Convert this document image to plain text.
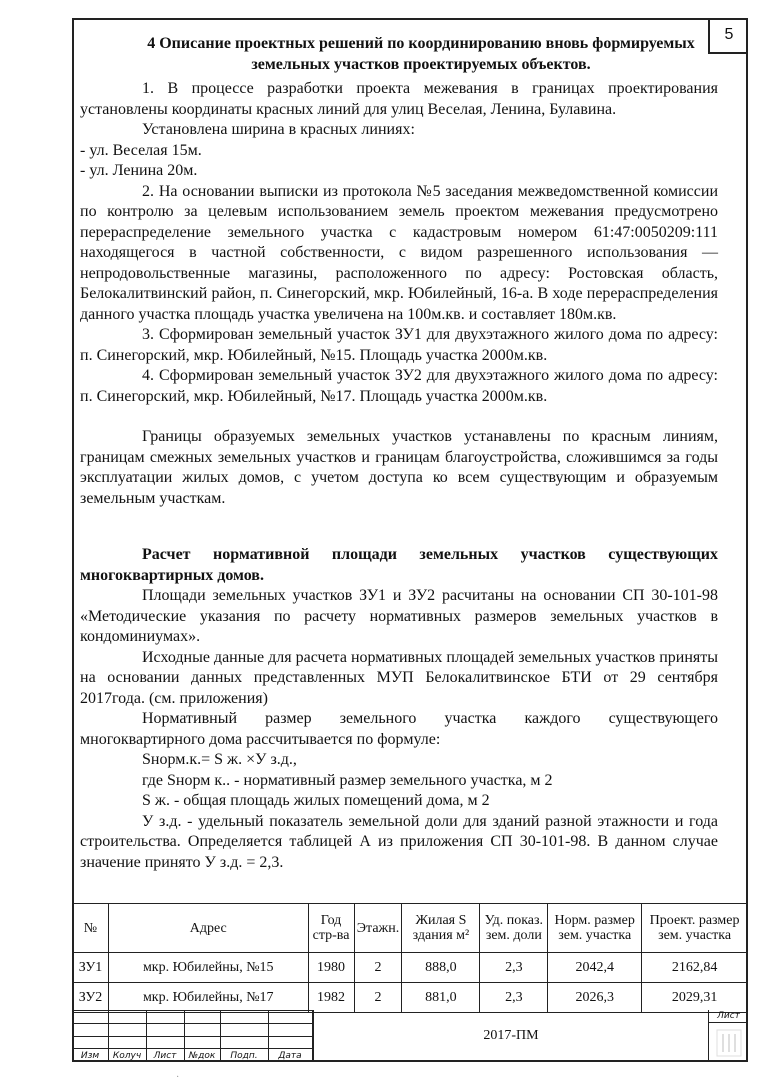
5
4 Описание проектных решений по координированию вновь формируемых земельных участков проектируемых объектов.

1. В процессе разработки проекта межевания в границах проектирования установлены координаты красных линий для улиц Веселая, Ленина, Булавина.

Установлена ширина в красных линиях:

- ул. Веселая 15м.

- ул. Ленина 20м.

2. На основании выписки из протокола №5 заседания межведомственной комиссии по контролю за целевым использованием земель проектом межевания предусмотрено перераспределение земельного участка с кадастровым номером 61:47:0050209:111 находящегося в частной собственности, с видом разрешенного использования — непродовольственные магазины, расположенного по адресу: Ростовская область, Белокалитвинский район, п. Синегорский, мкр. Юбилейный, 16-а. В ходе перераспределения данного участка площадь участка увеличена на 100м.кв. и составляет 180м.кв.

3. Сформирован земельный участок ЗУ1 для двухэтажного жилого дома по адресу: п. Синегорский, мкр. Юбилейный, №15. Площадь участка 2000м.кв.

4. Сформирован земельный участок ЗУ2 для двухэтажного жилого дома по адресу: п. Синегорский, мкр. Юбилейный, №17. Площадь участка 2000м.кв.

Границы образуемых земельных участков устанавлены по красным линиям, границам смежных земельных участков и границам благоустройства, сложившимся за годы эксплуатации жилых домов, с учетом доступа ко всем существующим и образуемым земельным участкам.

Расчет нормативной площади земельных участков существующих многоквартирных домов.

Площади земельных участков ЗУ1 и ЗУ2 расчитаны на основании СП 30-101-98 «Методические указания по расчету нормативных размеров земельных участков в кондоминиумах».

Исходные данные для расчета нормативных площадей земельных участков приняты на основании данных представленных МУП Белокалитвинское БТИ от 29 сентября 2017года. (см. приложения)

Нормативный размер земельного участка каждого существующего многоквартирного дома рассчитывается по формуле:

Sнорм.к.= S ж. ×У з.д.,

где Sнорм к.. - нормативный размер земельного участка, м 2

S ж. - общая площадь жилых помещений дома, м 2

У з.д. - удельный показатель земельной доли для зданий разной этажности и года строительства. Определяется таблицей А из приложения СП 30-101-98. В данном случае значение принято У з.д. = 2,3.

№	Адрес	Год стр-ва	Этажн.	Жилая S здания м²	Уд. показ. зем. доли	Норм. размер зем. участка	Проект. размер зем. участка
ЗУ1	мкр. Юбилейны, №15	1980	2	888,0	2,3	2042,4	2162,84
ЗУ2	мкр. Юбилейны, №17	1982	2	881,0	2,3	2026,3	2029,31
Изм	Колуч	Лист	№док	Подп.	Дата
2017-ПМ
Лист
·
